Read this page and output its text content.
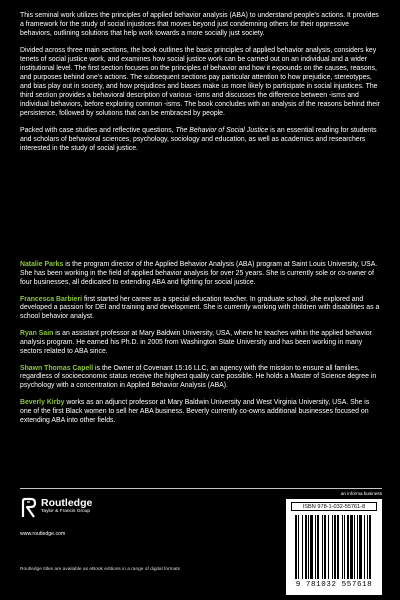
This seminal work utilizes the principles of applied behavior analysis (ABA) to understand people’s actions. It provides a framework for the study of social injustices that moves beyond just condemning others for their oppressive behaviors, outlining solutions that help work towards a more socially just society.

Divided across three main sections, the book outlines the basic principles of applied behavior analysis, considers key tenets of social justice work, and examines how social justice work can be carried out on an individual and a wider institutional level. The first section focuses on the principles of behavior and how it expounds on the causes, reasons, and purposes behind one’s actions. The subsequent sections pay particular attention to how prejudice, stereotypes, and bias play out in society, and how prejudices and biases make us more likely to participate in social injustices. The third section provides a behavioral description of various -isms and discusses the difference between -isms and individual behaviors, before exploring common -isms. The book concludes with an analysis of the reasons behind their persistence, followed by solutions that can be embraced by people.

Packed with case studies and reflective questions, The Behavior of Social Justice is an essential reading for students and scholars of behavioral sciences, psychology, sociology and education, as well as academics and researchers interested in the study of social justice.

Natalie Parks is the program director of the Applied Behavior Analysis (ABA) program at Saint Louis University, USA. She has been working in the field of applied behavior analysis for over 25 years. She is currently sole or co-owner of four businesses, all dedicated to extending ABA and fighting for social justice.
Francesca Barbieri first started her career as a special education teacher. In graduate school, she explored and developed a passion for DEI and training and development. She is currently working with children with disabilities as a school behavior analyst.
Ryan Sain is an assistant professor at Mary Baldwin University, USA, where he teaches within the applied behavior analysis program. He earned his Ph.D. in 2005 from Washington State University and has been working in many sectors related to ABA since.
Shawn Thomas Capell is the Owner of Covenant 15:16 LLC, an agency with the mission to ensure all families, regardless of socioeconomic status receive the highest quality care possible. He holds a Master of Science degree in psychology with a concentration in Applied Behavior Analysis (ABA).
Beverly Kirby works as an adjunct professor at Mary Baldwin University and West Virginia University, USA. She is one of the first Black women to sell her ABA business. Beverly currently co-owns additional businesses focused on extending ABA into other fields.
Routledge
Taylor & Francis Group
www.routledge.com
Routledge titles are available as eBook editions in a range of digital formats
an informa business
ISBN 978-1-032-55761-8
9 781032 557618
